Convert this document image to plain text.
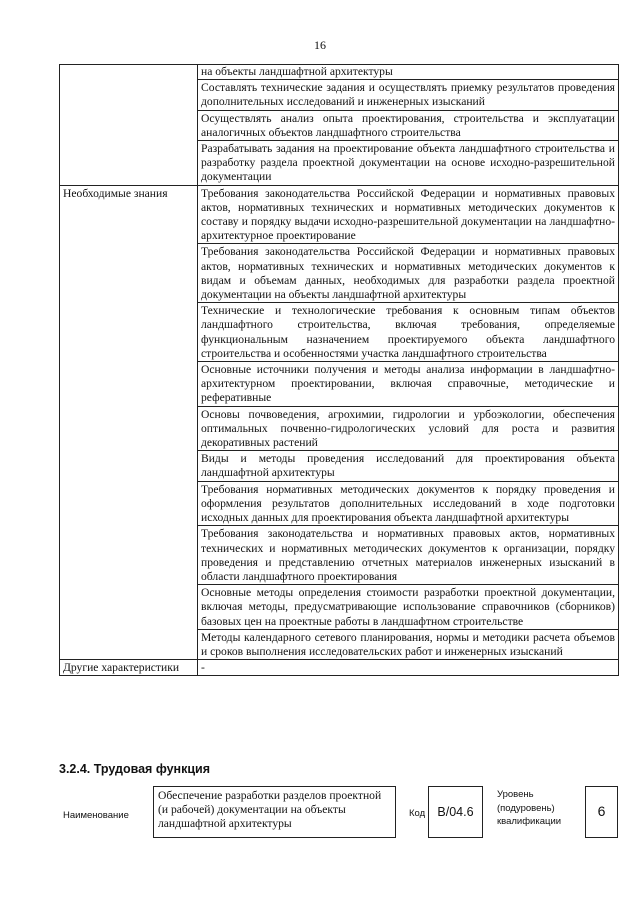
16
	на объекты ландшафтной архитектуры
	Составлять технические задания и осуществлять приемку результатов проведения дополнительных исследований и инженерных изысканий
	Осуществлять анализ опыта проектирования, строительства и эксплуатации аналогичных объектов ландшафтного строительства
	Разрабатывать задания на проектирование объекта ландшафтного строительства и разработку раздела проектной документации на основе исходно-разрешительной документации
Необходимые знания	Требования законодательства Российской Федерации и нормативных правовых актов, нормативных технических и нормативных методических документов к составу и порядку выдачи исходно-разрешительной документации на ландшафтно-архитектурное проектирование
	Требования законодательства Российской Федерации и нормативных правовых актов, нормативных технических и нормативных методических документов к видам и объемам данных, необходимых для разработки раздела проектной документации на объекты ландшафтной архитектуры
	Технические и технологические требования к основным типам объектов ландшафтного строительства, включая требования, определяемые функциональным назначением проектируемого объекта ландшафтного строительства и особенностями участка ландшафтного строительства
	Основные источники получения и методы анализа информации в ландшафтно-архитектурном проектировании, включая справочные, методические и реферативные
	Основы почвоведения, агрохимии, гидрологии и урбоэкологии, обеспечения оптимальных почвенно-гидрологических условий для роста и развития декоративных растений
	Виды и методы проведения исследований для проектирования объекта ландшафтной архитектуры
	Требования нормативных методических документов к порядку проведения и оформления результатов дополнительных исследований в ходе подготовки исходных данных для проектирования объекта ландшафтной архитектуры
	Требования законодательства и нормативных правовых актов, нормативных технических и нормативных методических документов к организации, порядку проведения и представлению отчетных материалов инженерных изысканий в области ландшафтного проектирования
	Основные методы определения стоимости разработки проектной документации, включая методы, предусматривающие использование справочников (сборников) базовых цен на проектные работы в ландшафтном строительстве
	Методы календарного сетевого планирования, нормы и методики расчета объемов и сроков выполнения исследовательских работ и инженерных изысканий
Другие характеристики	-
3.2.4. Трудовая функция
Наименование
Обеспечение разработки разделов проектной (и рабочей) документации на объекты ландшафтной архитектуры
Код В/04.6
Уровень
(подуровень)
квалификации
6
